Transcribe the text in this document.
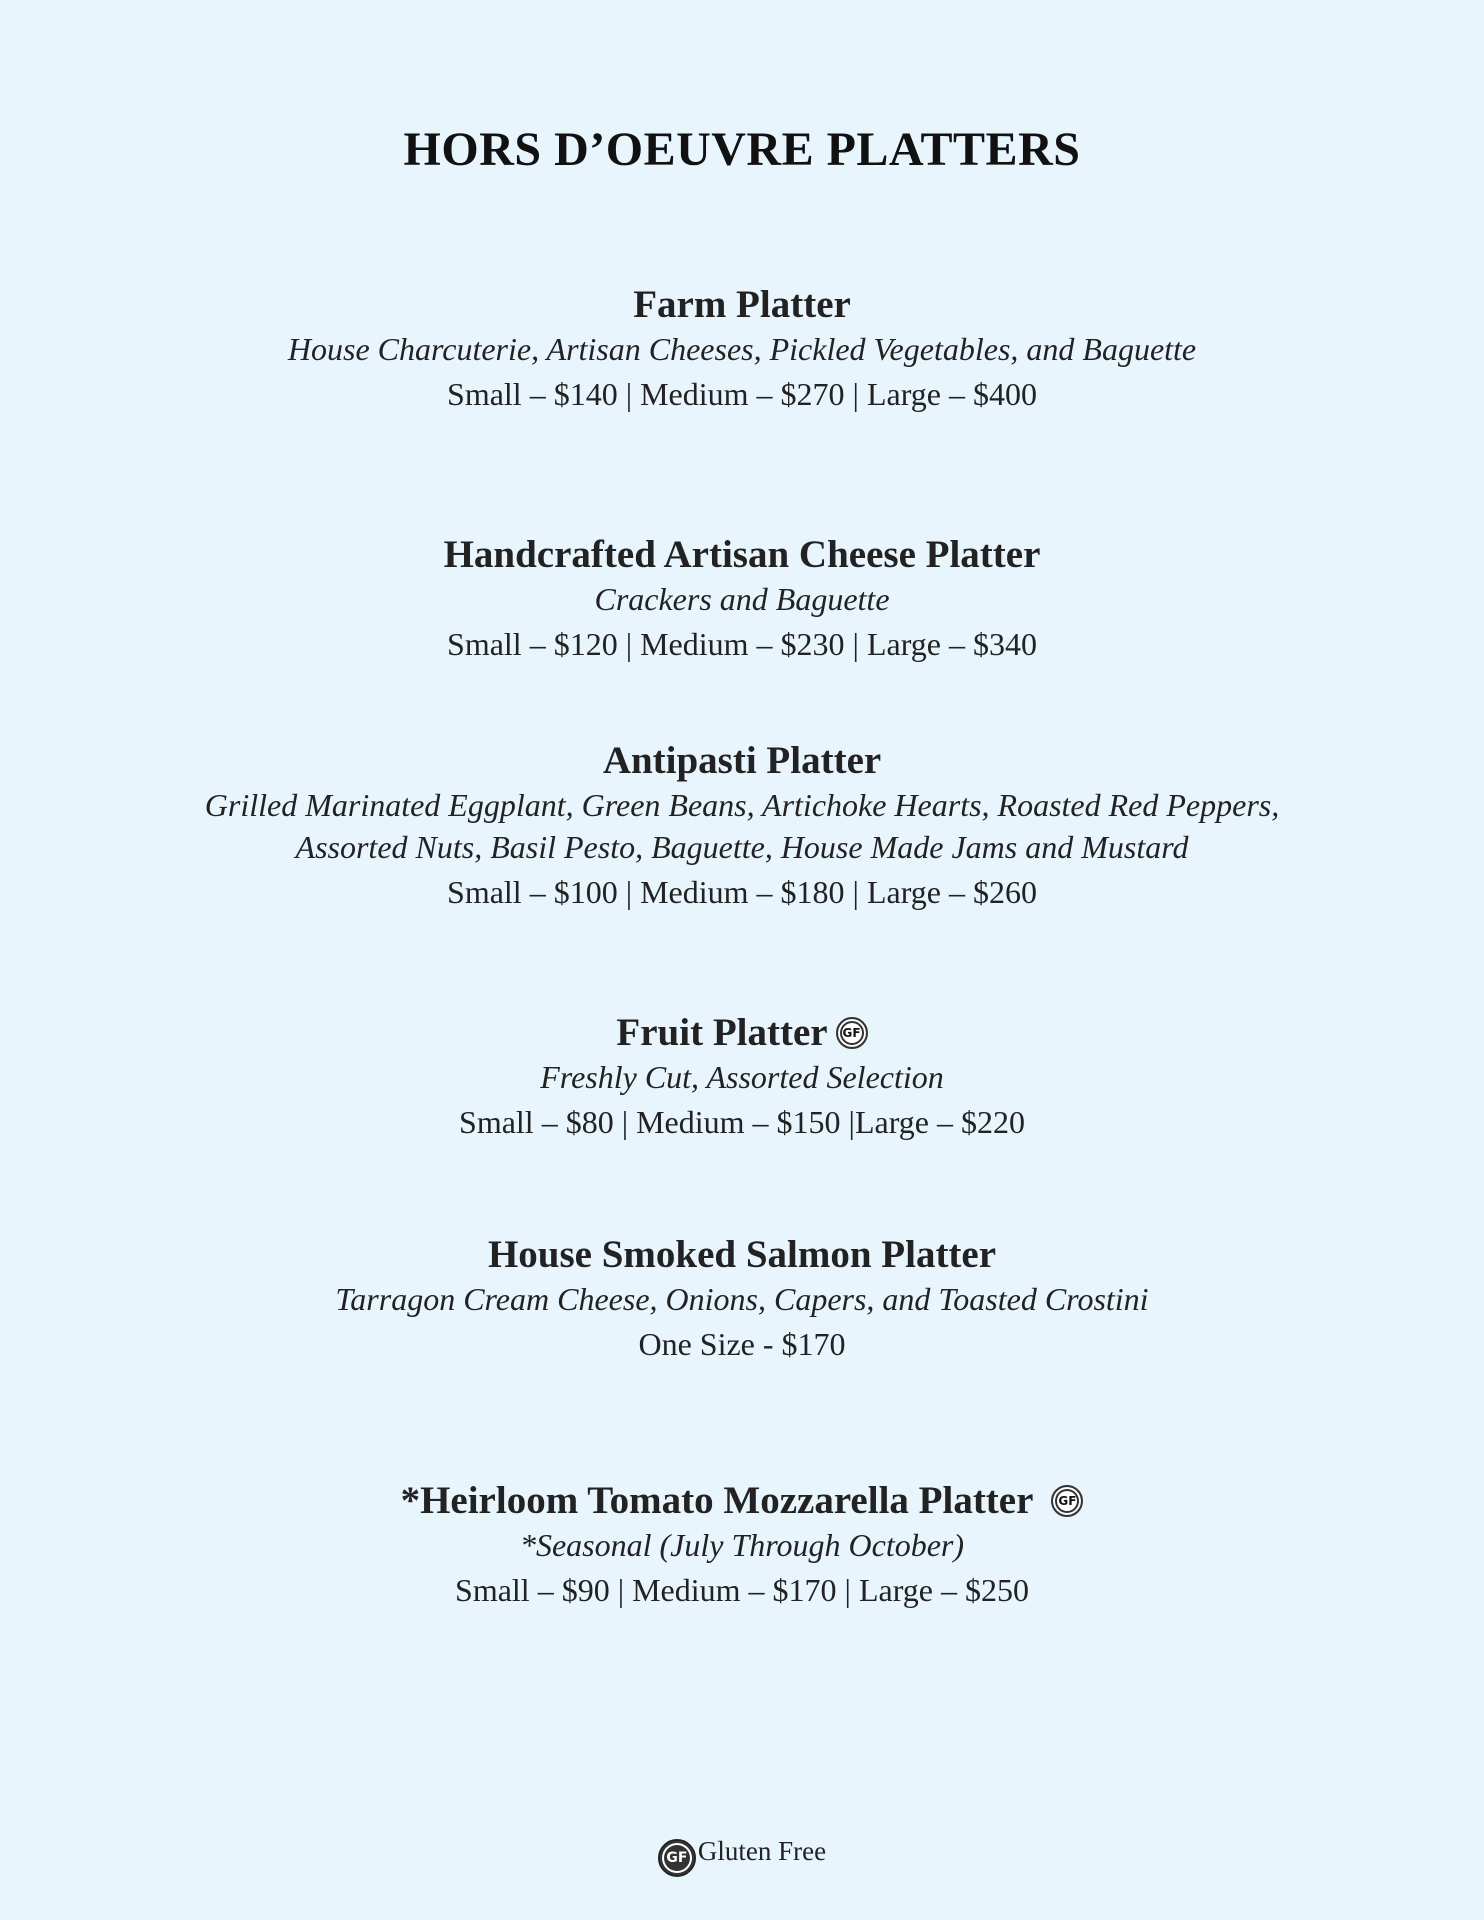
HORS D’OEUVRE PLATTERS

Farm Platter

House Charcuterie, Artisan Cheeses, Pickled Vegetables, and Baguette

Small – $140 | Medium – $270 | Large – $400

Handcrafted Artisan Cheese Platter

Crackers and Baguette

Small – $120 | Medium – $230 | Large – $340

Antipasti Platter

Grilled Marinated Eggplant, Green Beans, Artichoke Hearts, Roasted Red Peppers,

Assorted Nuts, Basil Pesto, Baguette, House Made Jams and Mustard

Small – $100 | Medium – $180 | Large – $260

Fruit Platter GF

Freshly Cut, Assorted Selection

Small – $80 | Medium – $150 |Large – $220

House Smoked Salmon Platter

Tarragon Cream Cheese, Onions, Capers, and Toasted Crostini

One Size - $170

*Heirloom Tomato Mozzarella Platter GF

*Seasonal (July Through October)

Small – $90 | Medium – $170 | Large – $250

GF Gluten Free
